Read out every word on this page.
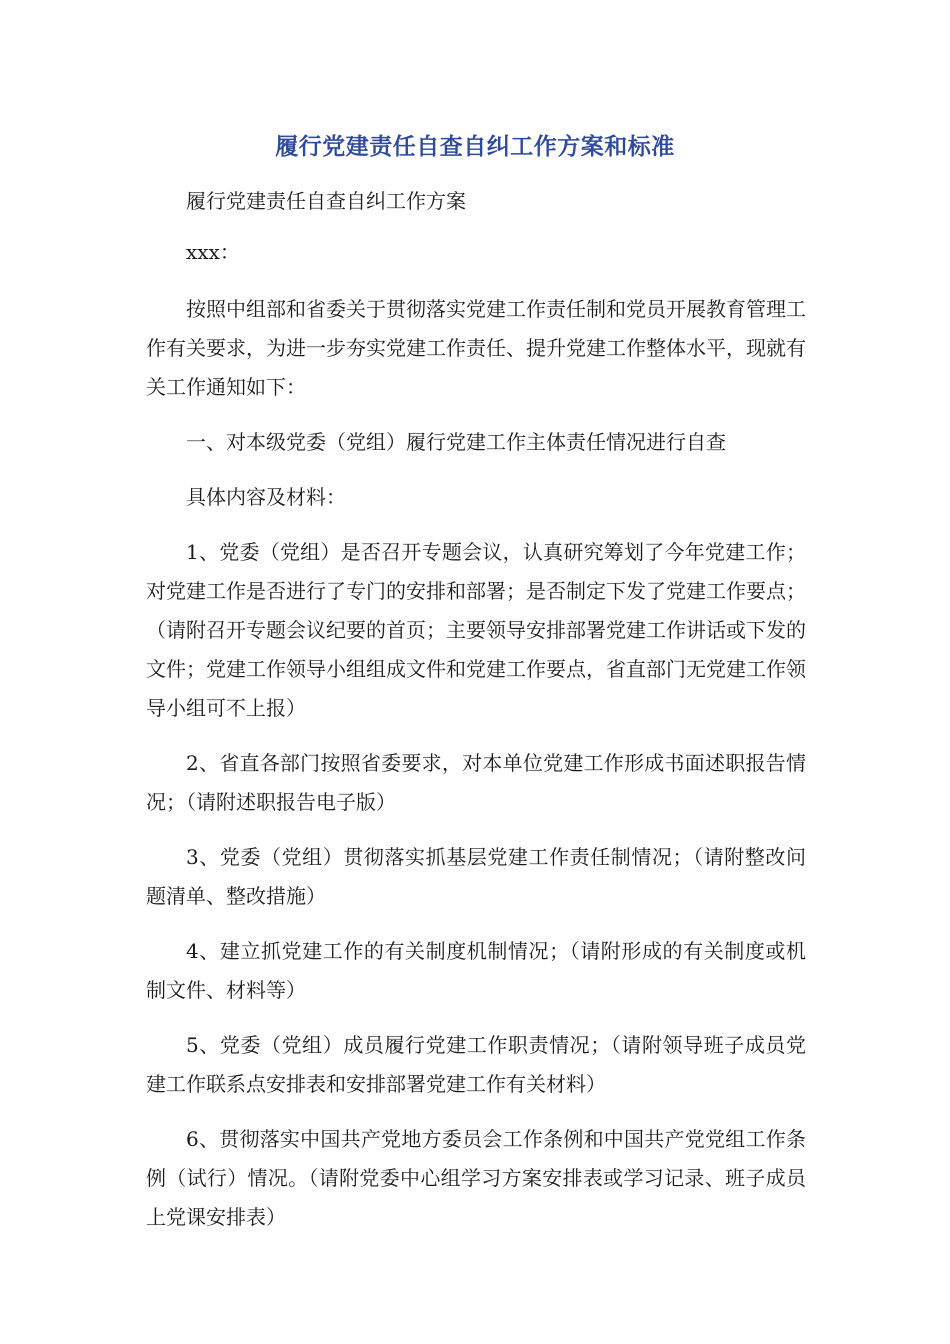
履行党建责任自查自纠工作方案和标准

履行党建责任自查自纠工作方案

xxx：

按照中组部和省委关于贯彻落实党建工作责任制和党员开展教育管理工作有关要求，为进一步夯实党建工作责任、提升党建工作整体水平，现就有关工作通知如下：

一、对本级党委（党组）履行党建工作主体责任情况进行自查

具体内容及材料：

1、党委（党组）是否召开专题会议，认真研究筹划了今年党建工作；对党建工作是否进行了专门的安排和部署；是否制定下发了党建工作要点；（请附召开专题会议纪要的首页；主要领导安排部署党建工作讲话或下发的文件；党建工作领导小组组成文件和党建工作要点，省直部门无党建工作领导小组可不上报）

2、省直各部门按照省委要求，对本单位党建工作形成书面述职报告情况；（请附述职报告电子版）

3、党委（党组）贯彻落实抓基层党建工作责任制情况；（请附整改问题清单、整改措施）

4、建立抓党建工作的有关制度机制情况；（请附形成的有关制度或机制文件、材料等）

5、党委（党组）成员履行党建工作职责情况；（请附领导班子成员党建工作联系点安排表和安排部署党建工作有关材料）

6、贯彻落实中国共产党地方委员会工作条例和中国共产党党组工作条例（试行）情况。（请附党委中心组学习方案安排表或学习记录、班子成员上党课安排表）
